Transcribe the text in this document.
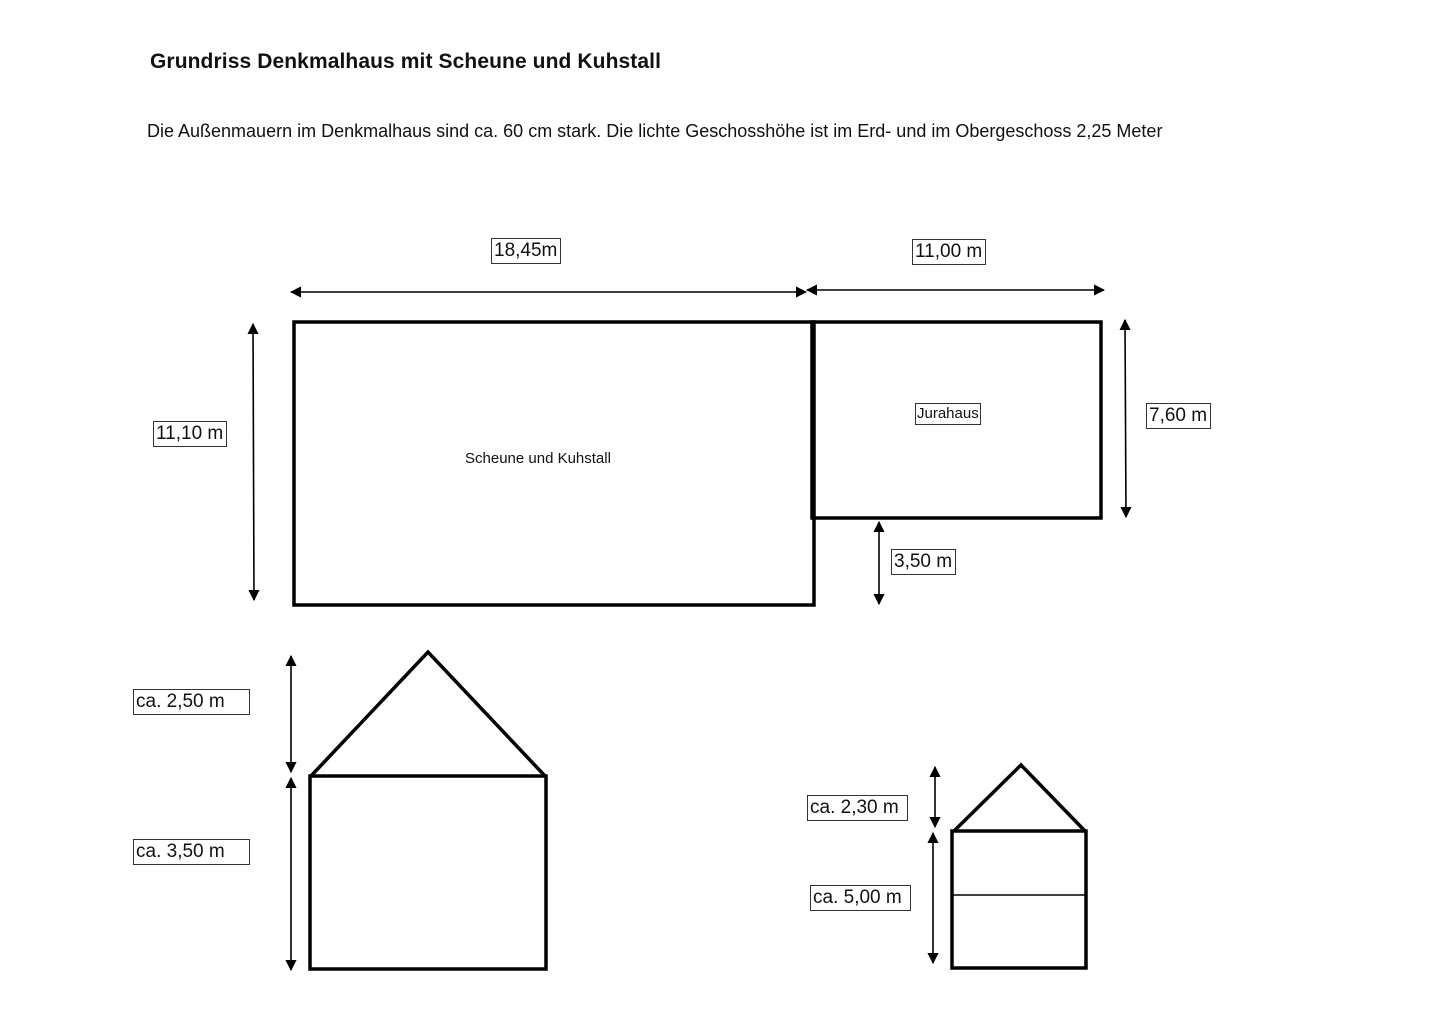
Grundriss Denkmalhaus mit Scheune und Kuhstall
Die Außenmauern im Denkmalhaus sind ca. 60 cm stark. Die lichte Geschosshöhe ist im Erd- und im Obergeschoss 2,25 Meter
18,45m	11,00 m
11,10 m
7,60 m
3,50 m
Scheune und Kuhstall
Jurahaus
ca. 2,50 m
ca. 3,50 m
ca. 2,30 m
ca. 5,00 m
